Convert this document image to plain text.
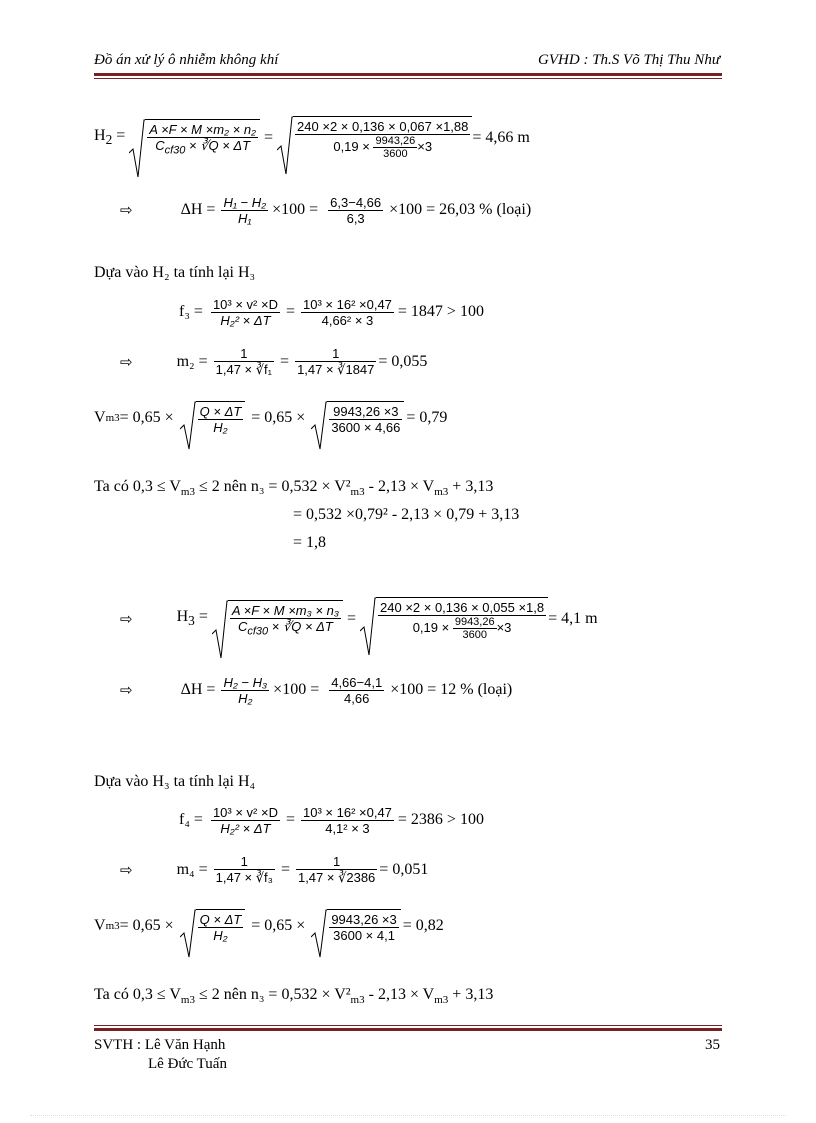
Đồ án xử lý ô nhiễm không khí	GVHD : Th.S Võ Thị Thu Như
$H_2 = A \times F \times M \times m_2 \times n_2$
$C_{cf30}$ × ∛Q × $\Delta T = \frac{240 \times 2 \times 0,136 \times 0,067 \times 1,88}{0,19 \times \frac{9943,26}{3600} \times 3} = 4,66$ m
⇨	$\Delta H = \frac{\text{H₁ − H₂}}{\text{H₁}} \times 100 = \frac{6,3-4,66}{6,3} \times 100 = 26,03$ % (loại)
Dựa vào H₂ ta tính lại H₃
$f_3 = \frac{\text{10³ × v² ×D}}{\text{H₂² × ΔT}} = \frac{\text{10³ × 16² ×0,47}}{\text{4,66² × 3}} = 1847 > 100$
⇨	$m_2 = \frac{1}{\text{1,47 × ∛f₁}} = \frac{1}{1,47 \times ∛1847} = 0,055$
V $m3 = 0,65 \times \frac{Q \times \Delta T}{\text{H₂}} = 0,65 \times \frac{9943,26 \times 3}{3600 \times 4,66} = 0,79$
Ta có $0,3 \le V_{m3} \le 2$ nên $n_3 = 0,532 \times V^2_{m3} - 2,13 \times V_{m3} + 3,13$
= 0,532 ×0,79² - 2,13 × 0,79 + 3,13
= 1,8
⇨	$H_3 = A \times F \times M \times m_3 \times n_3$
$C_{cf30}$ × ∛Q × $\Delta T = \frac{240 \times 2 \times 0,136 \times 0,055 \times 1,8}{0,19 \times \frac{9943,26}{3600} \times 3} = 4,1$ m
⇨	$\Delta H = \frac{\text{H₂ − H₃}}{\text{H₂}} \times 100 = \frac{4,66-4,1}{4,66} \times 100 = 12$ % (loại)
Dựa vào H₃ ta tính lại H₄
$f_4 = \frac{\text{10³ × v² ×D}}{\text{H₂² × ΔT}} = \frac{\text{10³ × 16² ×0,47}}{\text{4,1² × 3}} = 2386 > 100$
⇨	$m_4 = \frac{1}{\text{1,47 × ∛f₃}} = \frac{1}{1,47 \times ∛2386} = 0,051$
V $m3 = 0,65 \times \frac{Q \times \Delta T}{\text{H₂}} = 0,65 \times \frac{9943,26 \times 3}{3600 \times 4,1} = 0,82$
Ta có $0,3 \le V_{m3} \le 2$ nên $n_3 = 0,532 \times V^2_{m3} - 2,13 \times V_{m3} + 3,13$
SVTH : Lê Văn Hạnh
Lê Đức Tuấn
35
